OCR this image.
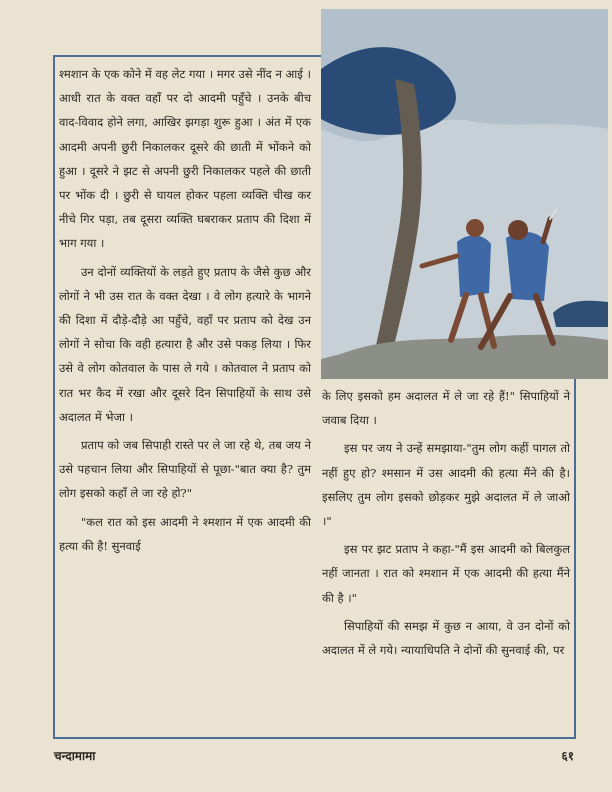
श्मशान के एक कोने में वह लेट गया । मगर उसे नींद न आई । आधी रात के वक्त वहाँ पर दो आदमी पहुँचे । उनके बीच वाद-विवाद होने लगा, आखिर झगड़ा शुरू हुआ । अंत में एक आदमी अपनी छुरी निकालकर दूसरे की छाती में भोंकने को हुआ । दूसरे ने झट से अपनी छुरी निकालकर पहले की छाती पर भोंक दी । छुरी से घायल होकर पहला व्यक्ति चीख कर नीचे गिर पड़ा, तब दूसरा व्यक्ति घबराकर प्रताप की दिशा में भाग गया ।

उन दोनों व्यक्तियों के लड़ते हुए प्रताप के जैसे कुछ और लोगों ने भी उस रात के वक्त देखा । वे लोग हत्यारे के भागने की दिशा में दौड़े-दौड़े आ पहुँचे, वहाँ पर प्रताप को देख उन लोगों ने सोचा कि वही हत्यारा है और उसे पकड़ लिया । फिर उसे वे लोग कोतवाल के पास ले गये । कोतवाल ने प्रताप को रात भर कैद में रखा और दूसरे दिन सिपाहियों के साथ उसे अदालत में भेजा ।

प्रताप को जब सिपाही रास्ते पर ले जा रहे थे, तब जय ने उसे पहचान लिया और सिपाहियों से पूछा-"बात क्या है? तुम लोग इसको कहाँ ले जा रहे हो?"

"कल रात को इस आदमी ने श्मशान में एक आदमी की हत्या की है! सुनवाई

के लिए इसको हम अदालत में ले जा रहे हैं!" सिपाहियों ने जवाब दिया ।

इस पर जय ने उन्हें समझाया-"तुम लोग कहीं पागल तो नहीं हुए हो? श्मसान में उस आदमी की हत्या मैंने की है। इसलिए तुम लोग इसको छोड़कर मुझे अदालत में ले जाओ ।"

इस पर झट प्रताप ने कहा-"मैं इस आदमी को बिलकुल नहीं जानता । रात को श्मशान में एक आदमी की हत्या मैंने की है ।"

सिपाहियों की समझ में कुछ न आया, वे उन दोनों को अदालत में ले गये। न्यायाधिपति ने दोनों की सुनवाई की, पर

चन्दामामा	६१
